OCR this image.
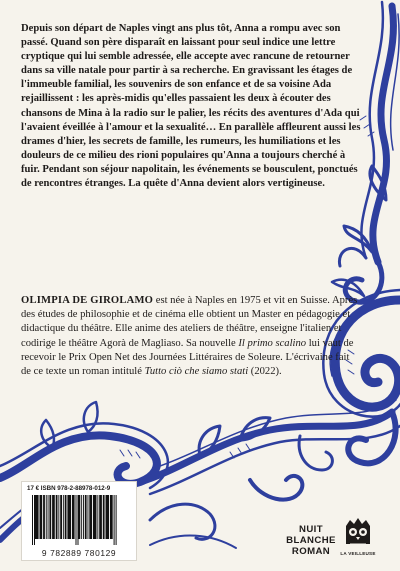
Depuis son départ de Naples vingt ans plus tôt, Anna a rompu avec son passé. Quand son père disparaît en laissant pour seul indice une lettre cryptique qui lui semble adressée, elle accepte avec rancune de retourner dans sa ville natale pour partir à sa recherche. En gravissant les étages de l'immeuble familial, les souvenirs de son enfance et de sa voisine Ada rejaillissent : les après-midis qu'elles passaient les deux à écouter des chansons de Mina à la radio sur le palier, les récits des aventures d'Ada qui l'avaient éveillée à l'amour et la sexualité… En parallèle affleurent aussi les drames d'hier, les secrets de famille, les rumeurs, les humiliations et les douleurs de ce milieu des rioni populaires qu'Anna a toujours cherché à fuir. Pendant son séjour napolitain, les événements se bousculent, ponctués de rencontres étranges. La quête d'Anna devient alors vertigineuse.

OLIMPIA DE GIROLAMO est née à Naples en 1975 et vit en Suisse. Après des études de philosophie et de cinéma elle obtient un Master en pédagogie et didactique du théâtre. Elle anime des ateliers de théâtre, enseigne l'italien et codirige le théâtre Agorà de Magliaso. Sa nouvelle Il primo scalino lui vaut de recevoir le Prix Open Net des Journées Littéraires de Soleure. L'écrivaine fait de ce texte un roman intitulé Tutto ciò che siamo stati (2022).

17 € ISBN 978-2-88978-012-9
9 782889 780129
NUIT BLANCHE
ROMAN	LA VEILLEUSE
